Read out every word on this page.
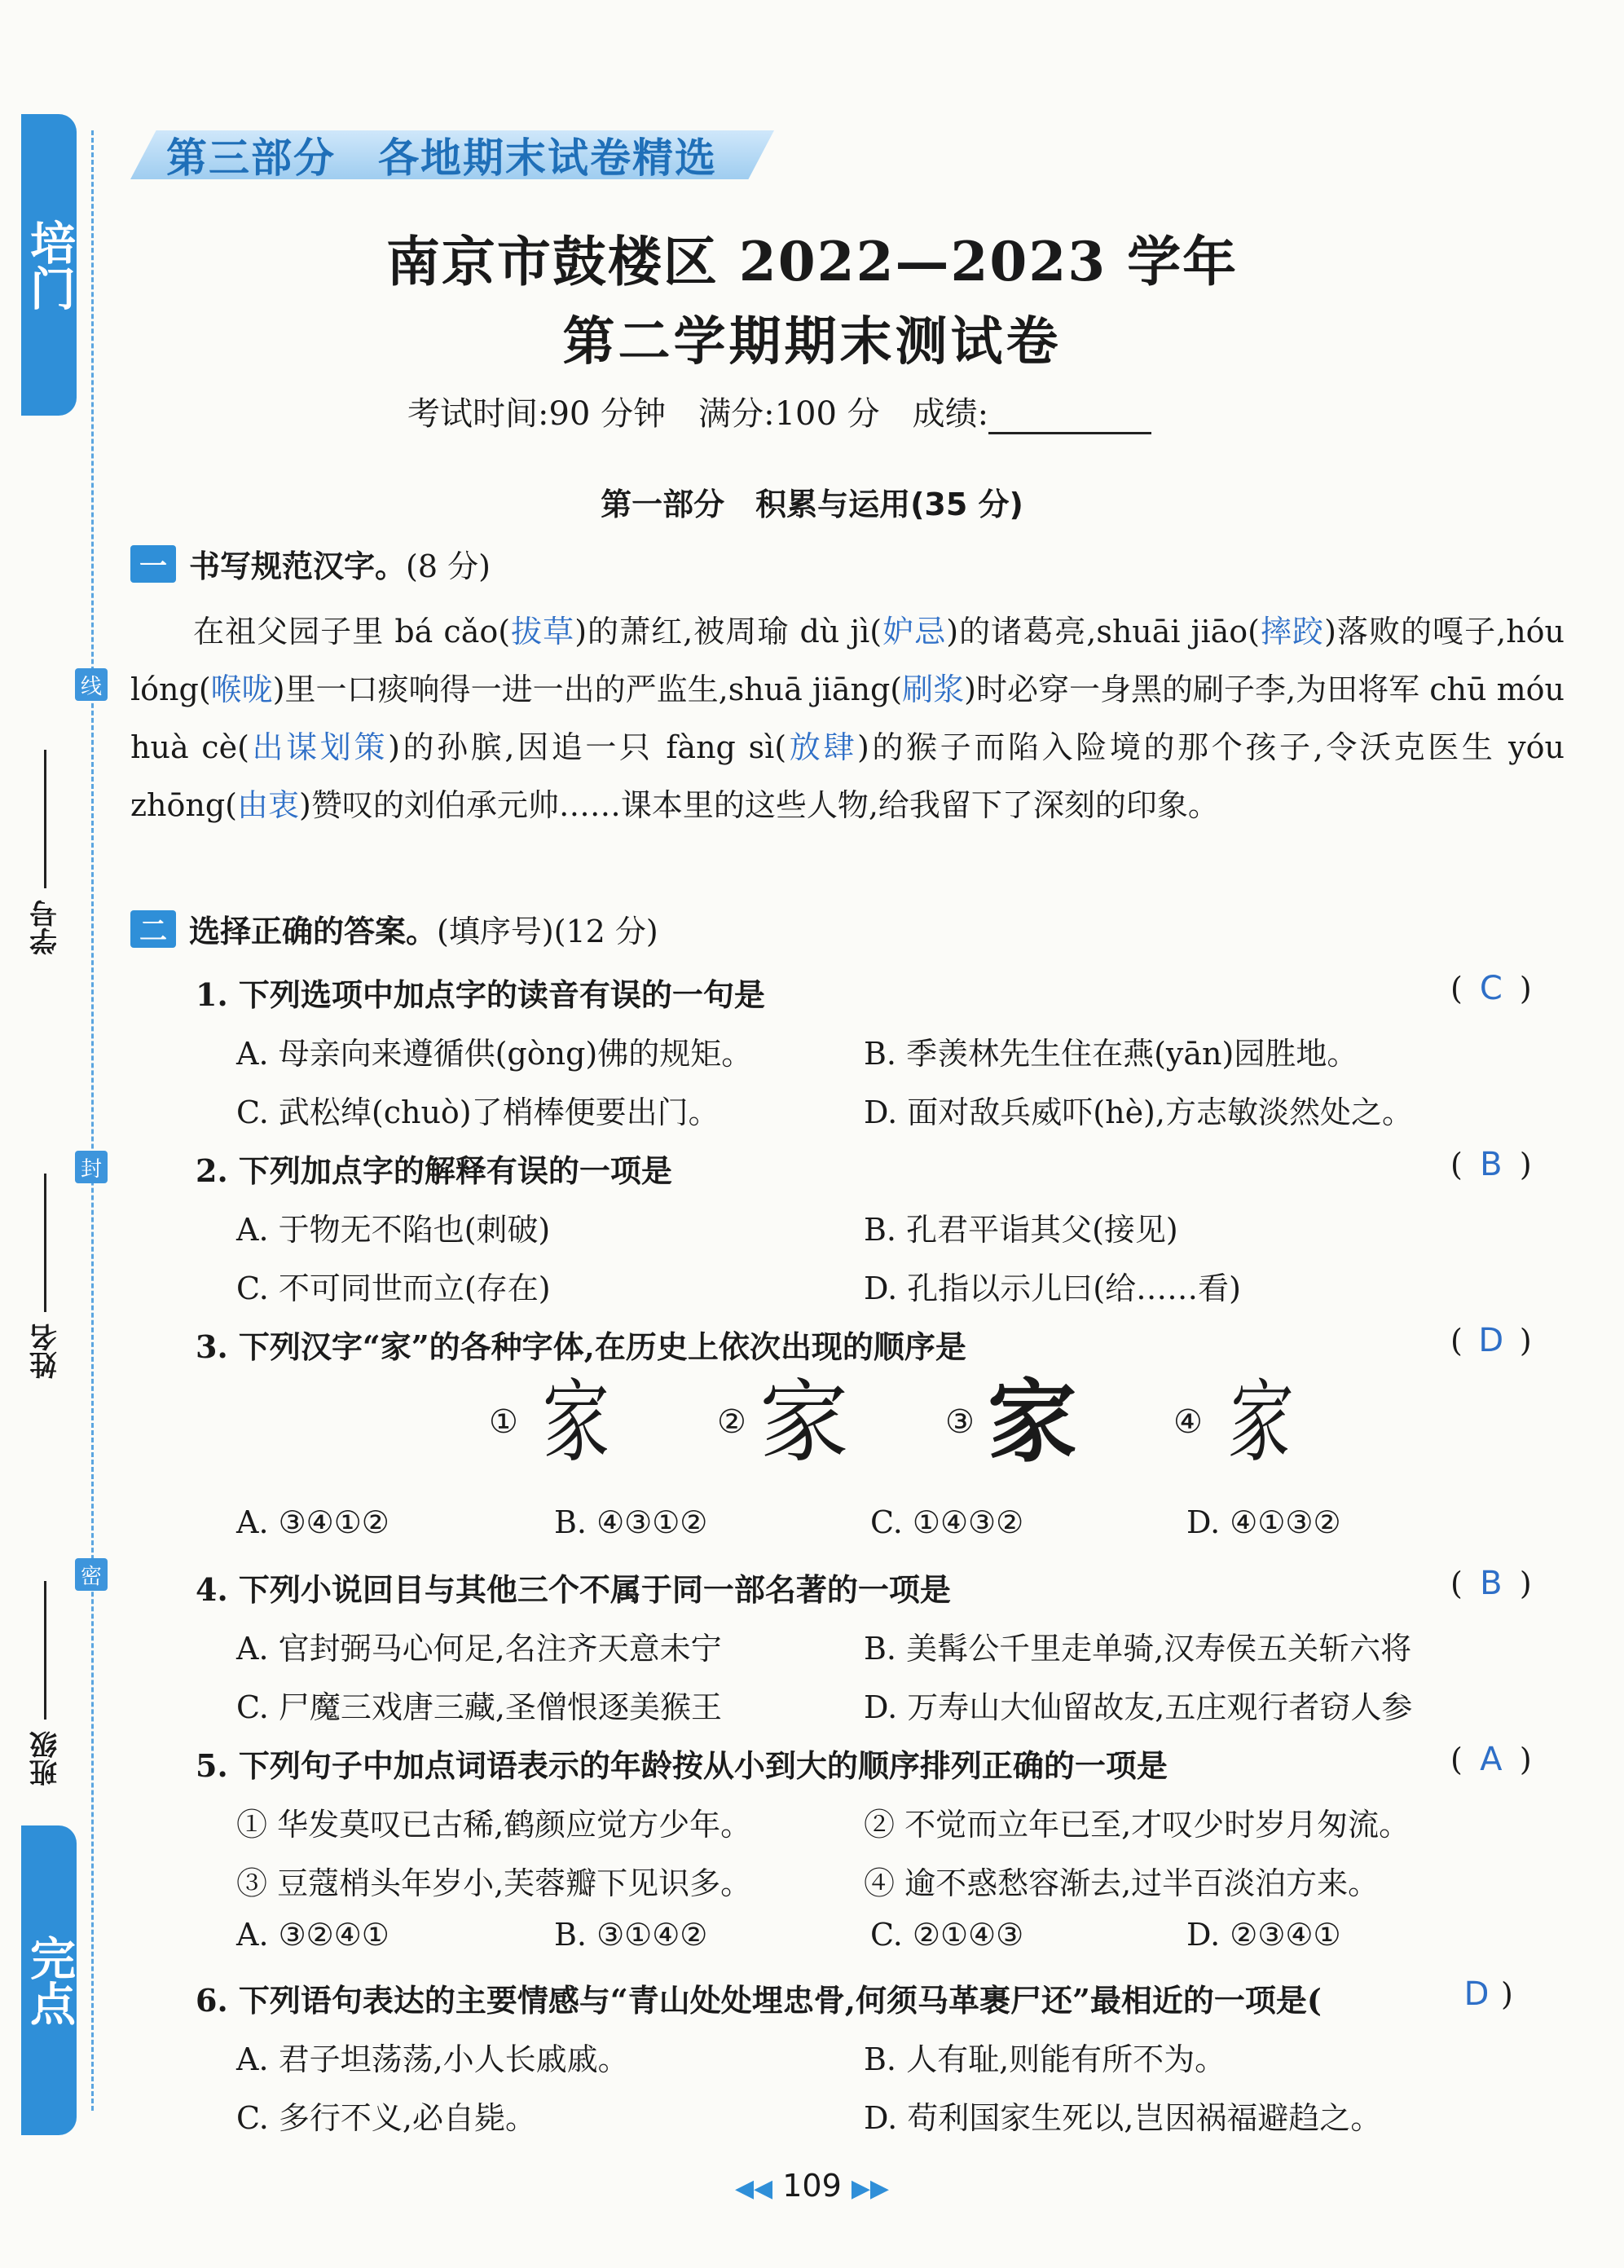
培门
完点
线
封
密
学号
姓名
班级
第三部分　各地期末试卷精选
南京市鼓楼区 2022—2023 学年
第二学期期末测试卷
考试时间:90 分钟　满分:100 分　成绩:
第一部分　积累与运用(35 分)
一 书写规范汉字。 (8 分)
在祖父园子里 bá cǎo(拔草)的萧红,被周瑜 dù jì(妒忌)的诸葛亮,shuāi jiāo(摔跤)落败的嘎子,hóu lóng(喉咙)里一口痰响得一进一出的严监生,shuā jiāng(刷浆)时必穿一身黑的刷子李,为田将军 chū móu huà cè(出谋划策)的孙膑,因追一只 fàng sì(放肆)的猴子而陷入险境的那个孩子,令沃克医生 yóu zhōng(由衷)赞叹的刘伯承元帅……课本里的这些人物,给我留下了深刻的印象。
二 选择正确的答案。 (填序号)(12 分)
1. 下列选项中加点字的读音有误的一句是	( C )
A. 母亲向来遵循供(gòng)佛的规矩。	B. 季羡林先生住在燕(yān)园胜地。
C. 武松绰(chuò)了梢棒便要出门。	D. 面对敌兵威吓(hè),方志敏淡然处之。
2. 下列加点字的解释有误的一项是	( B )
A. 于物无不陷也(刺破)	B. 孔君平诣其父(接见)
C. 不可同世而立(存在)	D. 孔指以示儿曰(给……看)
3. 下列汉字“家”的各种字体,在历史上依次出现的顺序是	( D )
① 家	② 家	③ 家	④ 家
A. ③④①②	B. ④③①②	C. ①④③②	D. ④①③②
4. 下列小说回目与其他三个不属于同一部名著的一项是	( B )
A. 官封弼马心何足,名注齐天意未宁	B. 美髯公千里走单骑,汉寿侯五关斩六将
C. 尸魔三戏唐三藏,圣僧恨逐美猴王	D. 万寿山大仙留故友,五庄观行者窃人参
5. 下列句子中加点词语表示的年龄按从小到大的顺序排列正确的一项是	( A )
① 华发莫叹已古稀,鹤颜应觉方少年。	② 不觉而立年已至,才叹少时岁月匆流。
③ 豆蔻梢头年岁小,芙蓉瓣下见识多。	④ 逾不惑愁容渐去,过半百淡泊方来。
A. ③②④①	B. ③①④②	C. ②①④③	D. ②③④①
6. 下列语句表达的主要情感与“青山处处埋忠骨,何须马革裹尸还”最相近的一项是(	D )
A. 君子坦荡荡,小人长戚戚。	B. 人有耻,则能有所不为。
C. 多行不义,必自毙。	D. 苟利国家生死以,岂因祸福避趋之。
◀◀ 109 ▶▶
